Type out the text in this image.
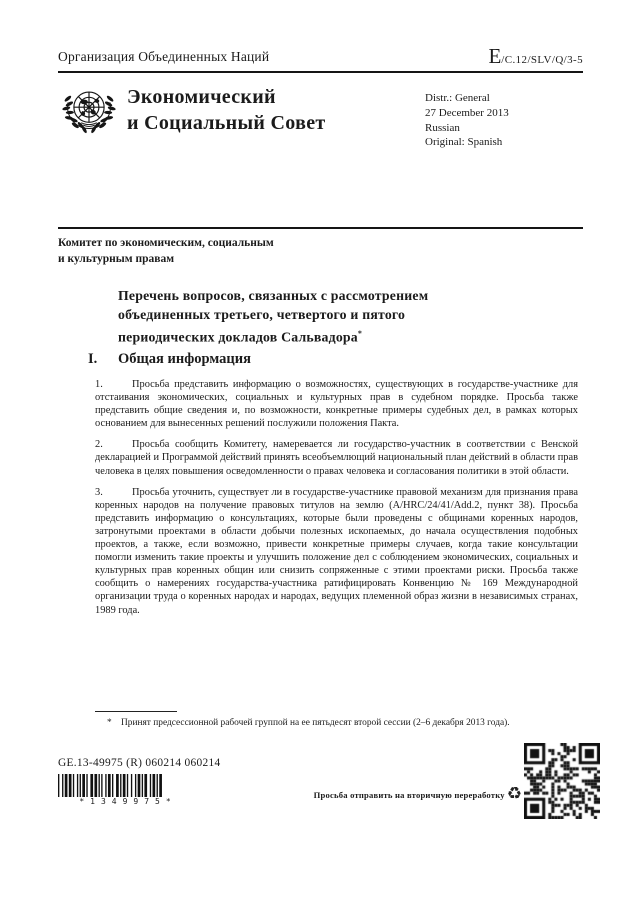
Организация Объединенных Наций	E/C.12/SLV/Q/3-5
Экономический
и Социальный Совет
Distr.: General
27 December 2013
Russian
Original: Spanish
Комитет по экономическим, социальным
и культурным правам
Перечень вопросов, связанных с рассмотрением
объединенных третьего, четвертого и пятого
периодических докладов Сальвадора*
I. Общая информация

1.	Просьба представить информацию о возможностях, существующих в государстве-участнике для отстаивания экономических, социальных и культурных прав в судебном порядке. Просьба также представить общие сведения и, по возможности, конкретные примеры судебных дел, в рамках которых основанием для вынесенных решений послужили положения Пакта.

2.	Просьба сообщить Комитету, намеревается ли государство-участник в соответствии с Венской декларацией и Программой действий принять всеобъемлющий национальный план действий в области прав человека в целях повышения осведомленности о правах человека и согласования политики в этой области.

3.	Просьба уточнить, существует ли в государстве-участнике правовой механизм для признания права коренных народов на получение правовых титулов на землю (A/HRC/24/41/Add.2, пункт 38). Просьба представить информацию о консультациях, которые были проведены с общинами коренных народов, затронутыми проектами в области добычи полезных ископаемых, до начала осуществления подобных проектов, а также, если возможно, привести конкретные примеры случаев, когда такие консультации помогли изменить такие проекты и улучшить положение дел с соблюдением экономических, социальных и культурных прав коренных общин или снизить сопряженные с этими проектами риски. Просьба также сообщить о намерениях государства-участника ратифицировать Конвенцию № 169 Международной организации труда о коренных народах и народах, ведущих племенной образ жизни в независимых странах, 1989 года.

* Принят предсессионной рабочей группой на ее пятьдесят второй сессии (2–6 декабря 2013 года).
GE.13-49975 (R) 060214 060214
*1349975*
Просьба отправить на вторичную переработку ♻
